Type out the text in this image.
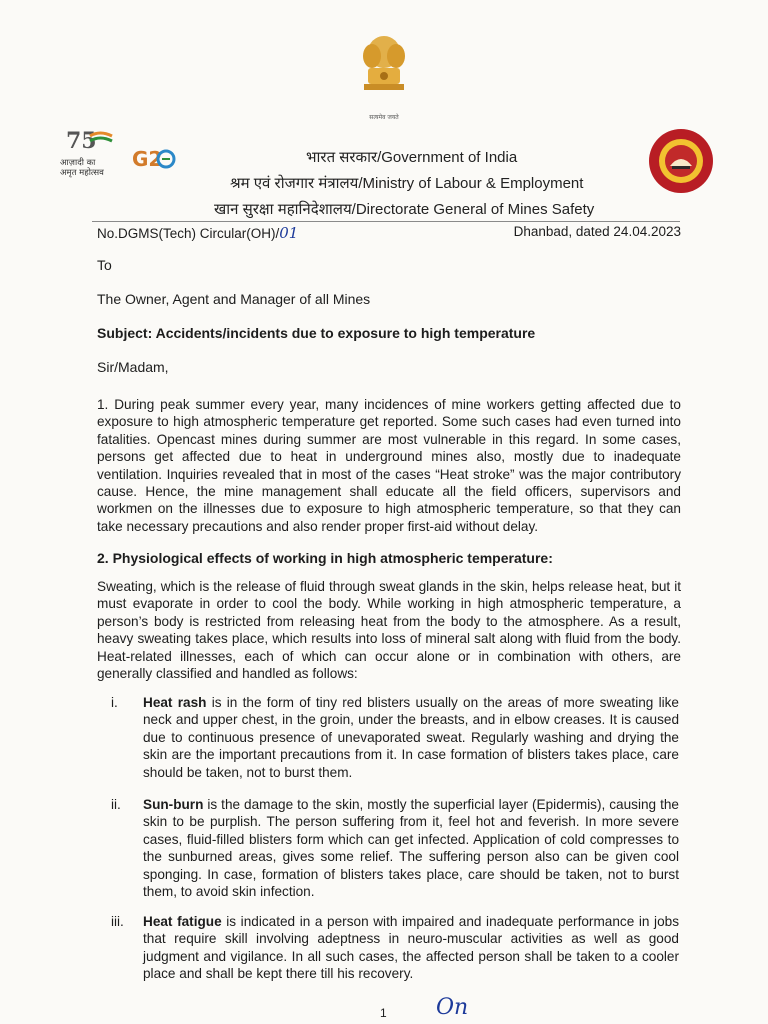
सत्यमेव जयते
75
G2
आज़ादी का
अमृत महोत्सव
भारत सरकार/Government of India
श्रम एवं रोजगार मंत्रालय/Ministry of Labour & Employment
खान सुरक्षा महानिदेशालय/Directorate General of Mines Safety
No.DGMS(Tech) Circular(OH)/01	Dhanbad, dated 24.04.2023
To
The Owner, Agent and Manager of all Mines
Subject: Accidents/incidents due to exposure to high temperature
Sir/Madam,
1. During peak summer every year, many incidences of mine workers getting affected due to exposure to high atmospheric temperature get reported. Some such cases had even turned into fatalities. Opencast mines during summer are most vulnerable in this regard. In some cases, persons get affected due to heat in underground mines also, mostly due to inadequate ventilation. Inquiries revealed that in most of the cases “Heat stroke” was the major contributory cause. Hence, the mine management shall educate all the field officers, supervisors and workmen on the illnesses due to exposure to high atmospheric temperature, so that they can take necessary precautions and also render proper first-aid without delay.
2. Physiological effects of working in high atmospheric temperature:
Sweating, which is the release of fluid through sweat glands in the skin, helps release heat, but it must evaporate in order to cool the body. While working in high atmospheric temperature, a person’s body is restricted from releasing heat from the body to the atmosphere. As a result, heavy sweating takes place, which results into loss of mineral salt along with fluid from the body. Heat-related illnesses, each of which can occur alone or in combination with others, are generally classified and handled as follows:
i. Heat rash is in the form of tiny red blisters usually on the areas of more sweating like neck and upper chest, in the groin, under the breasts, and in elbow creases. It is caused due to continuous presence of unevaporated sweat. Regularly washing and drying the skin are the important precautions from it. In case formation of blisters takes place, care should be taken, not to burst them.
ii. Sun-burn is the damage to the skin, mostly the superficial layer (Epidermis), causing the skin to be purplish. The person suffering from it, feel hot and feverish. In more severe cases, fluid-filled blisters form which can get infected. Application of cold compresses to the sunburned areas, gives some relief. The suffering person also can be given cool sponging. In case, formation of blisters takes place, care should be taken, not to burst them, to avoid skin infection.
iii. Heat fatigue is indicated in a person with impaired and inadequate performance in jobs that require skill involving adeptness in neuro-muscular activities as well as good judgment and vigilance. In all such cases, the affected person shall be taken to a cooler place and shall be kept there till his recovery.
1 On
